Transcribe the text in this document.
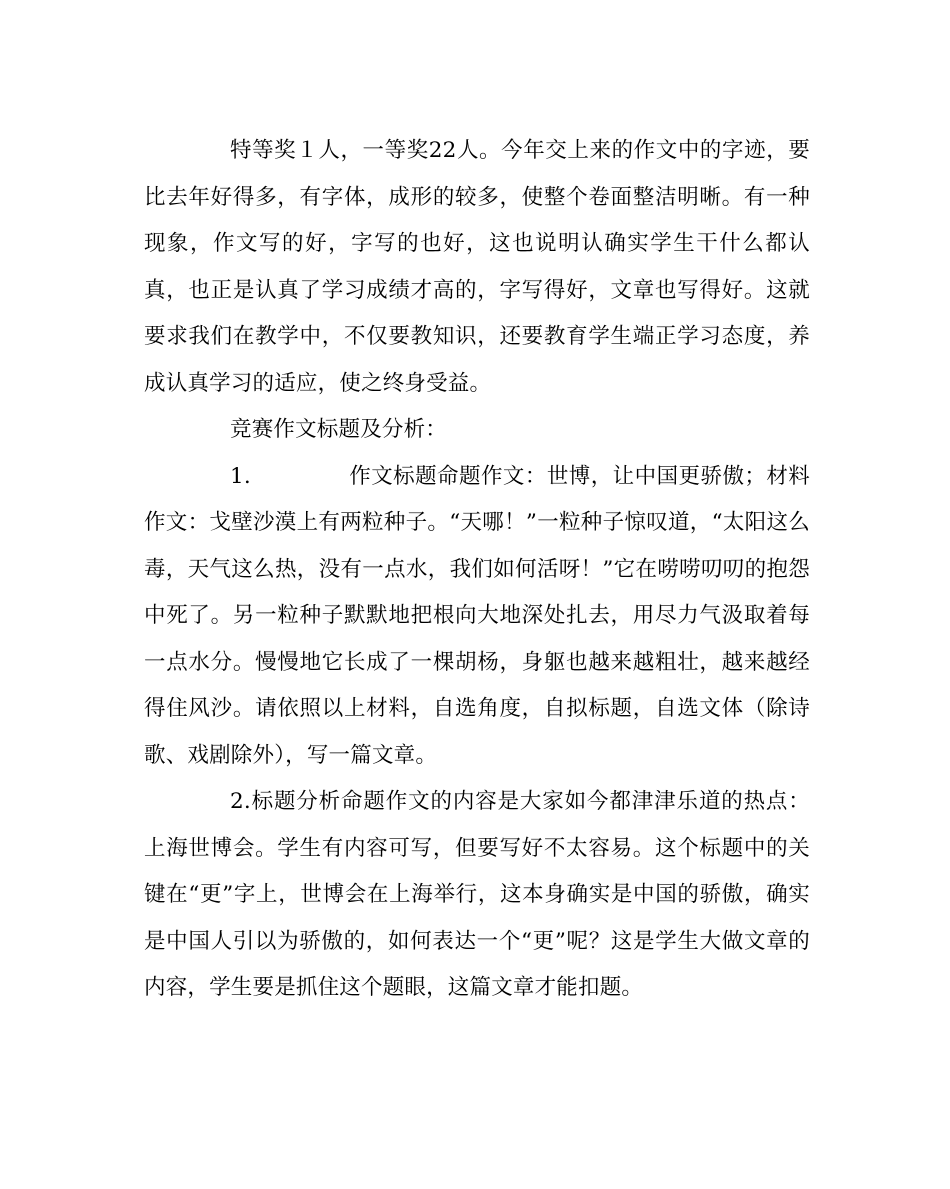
特等奖１人，一等奖22人。今年交上来的作文中的字迹，要比去年好得多，有字体，成形的较多，使整个卷面整洁明晰。有一种现象，作文写的好，字写的也好，这也说明认确实学生干什么都认真，也正是认真了学习成绩才高的，字写得好，文章也写得好。这就要求我们在教学中，不仅要教知识，还要教育学生端正学习态度，养成认真学习的适应，使之终身受益。

竞赛作文标题及分析：

1.	作文标题命题作文：世博，让中国更骄傲；材料作文：戈壁沙漠上有两粒种子。“天哪！”一粒种子惊叹道，“太阳这么毒，天气这么热，没有一点水，我们如何活呀！”它在唠唠叨叨的抱怨中死了。另一粒种子默默地把根向大地深处扎去，用尽力气汲取着每一点水分。慢慢地它长成了一棵胡杨，身躯也越来越粗壮，越来越经得住风沙。请依照以上材料，自选角度，自拟标题，自选文体（除诗歌、戏剧除外），写一篇文章。

2.标题分析命题作文的内容是大家如今都津津乐道的热点：上海世博会。学生有内容可写，但要写好不太容易。这个标题中的关键在“更”字上，世博会在上海举行，这本身确实是中国的骄傲，确实是中国人引以为骄傲的，如何表达一个“更”呢？这是学生大做文章的内容，学生要是抓住这个题眼，这篇文章才能扣题。
